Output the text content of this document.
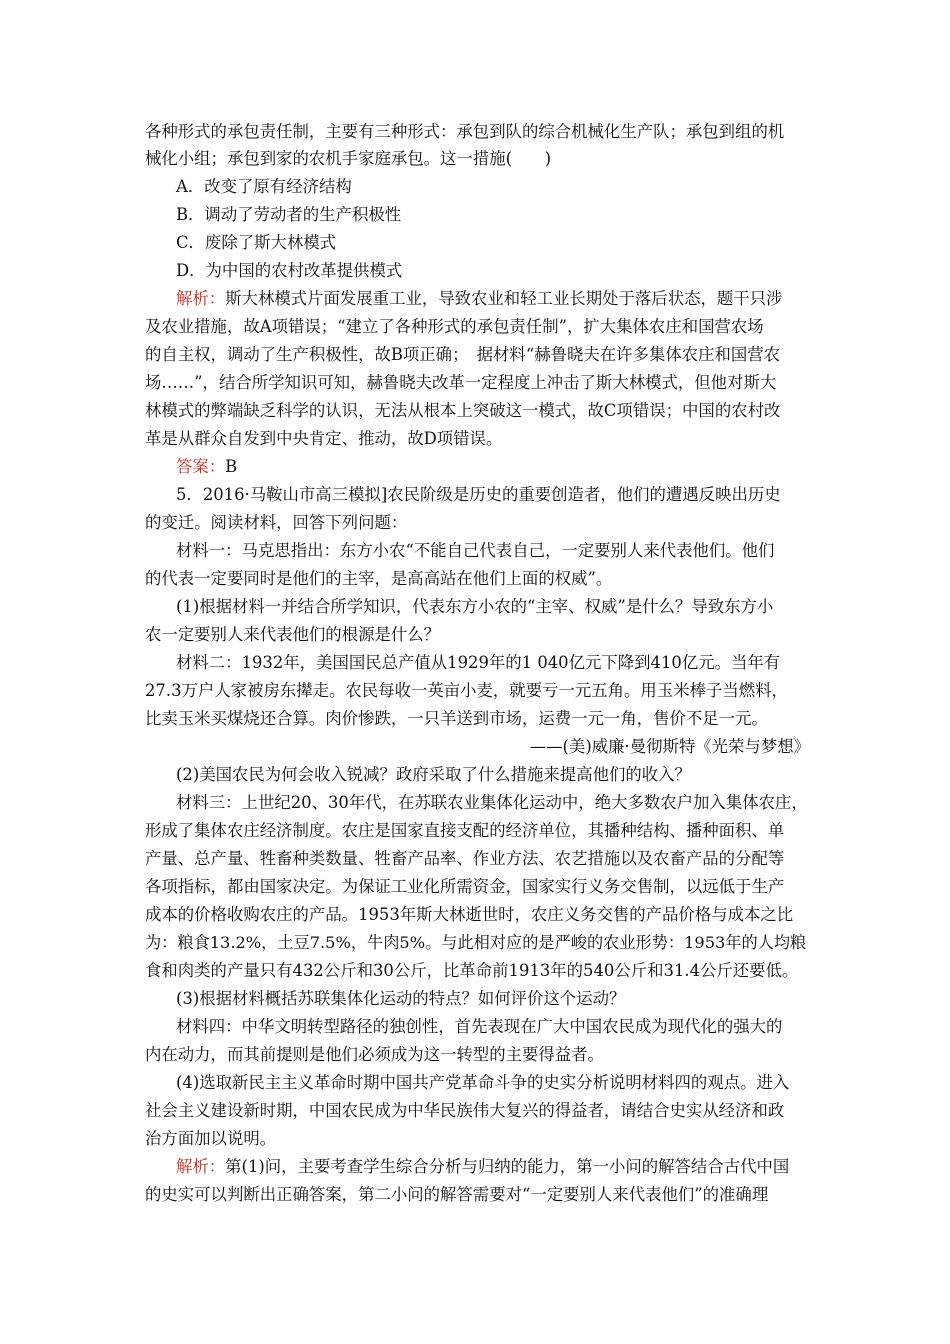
各种形式的承包责任制，主要有三种形式：承包到队的综合机械化生产队；承包到组的机
械化小组；承包到家的农机手家庭承包。这一措施(　　)
A．改变了原有经济结构
B．调动了劳动者的生产积极性
C．废除了斯大林模式
D．为中国的农村改革提供模式
解析：斯大林模式片面发展重工业，导致农业和轻工业长期处于落后状态，题干只涉
及农业措施，故A项错误；“建立了各种形式的承包责任制”，扩大集体农庄和国营农场
的自主权，调动了生产积极性，故B项正确；　据材料“赫鲁晓夫在许多集体农庄和国营农
场……”，结合所学知识可知，赫鲁晓夫改革一定程度上冲击了斯大林模式，但他对斯大
林模式的弊端缺乏科学的认识，无法从根本上突破这一模式，故C项错误；中国的农村改
革是从群众自发到中央肯定、推动，故D项错误。
答案：B
5．2016·马鞍山市高三模拟]农民阶级是历史的重要创造者，他们的遭遇反映出历史
的变迁。阅读材料，回答下列问题：
材料一：马克思指出：东方小农“不能自己代表自己，一定要别人来代表他们。他们
的代表一定要同时是他们的主宰，是高高站在他们上面的权威”。
(1)根据材料一并结合所学知识，代表东方小农的“主宰、权威”是什么？导致东方小
农一定要别人来代表他们的根源是什么？
材料二：1932年，美国国民总产值从1929年的1 040亿元下降到410亿元。当年有
27.3万户人家被房东撵走。农民每收一英亩小麦，就要亏一元五角。用玉米棒子当燃料，
比卖玉米买煤烧还合算。肉价惨跌，一只羊送到市场，运费一元一角，售价不足一元。
——(美)威廉·曼彻斯特《光荣与梦想》
(2)美国农民为何会收入锐减？政府采取了什么措施来提高他们的收入？
材料三：上世纪20、30年代，在苏联农业集体化运动中，绝大多数农户加入集体农庄，
形成了集体农庄经济制度。农庄是国家直接支配的经济单位，其播种结构、播种面积、单
产量、总产量、牲畜种类数量、牲畜产品率、作业方法、农艺措施以及农畜产品的分配等
各项指标，都由国家决定。为保证工业化所需资金，国家实行义务交售制，以远低于生产
成本的价格收购农庄的产品。1953年斯大林逝世时，农庄义务交售的产品价格与成本之比
为：粮食13.2%，土豆7.5%，牛肉5%。与此相对应的是严峻的农业形势：1953年的人均粮
食和肉类的产量只有432公斤和30公斤，比革命前1913年的540公斤和31.4公斤还要低。
(3)根据材料概括苏联集体化运动的特点？如何评价这个运动？
材料四：中华文明转型路径的独创性，首先表现在广大中国农民成为现代化的强大的
内在动力，而其前提则是他们必须成为这一转型的主要得益者。
(4)选取新民主主义革命时期中国共产党革命斗争的史实分析说明材料四的观点。进入
社会主义建设新时期，中国农民成为中华民族伟大复兴的得益者，请结合史实从经济和政
治方面加以说明。
解析：第(1)问，主要考查学生综合分析与归纳的能力，第一小问的解答结合古代中国
的史实可以判断出正确答案，第二小问的解答需要对“一定要别人来代表他们”的准确理
